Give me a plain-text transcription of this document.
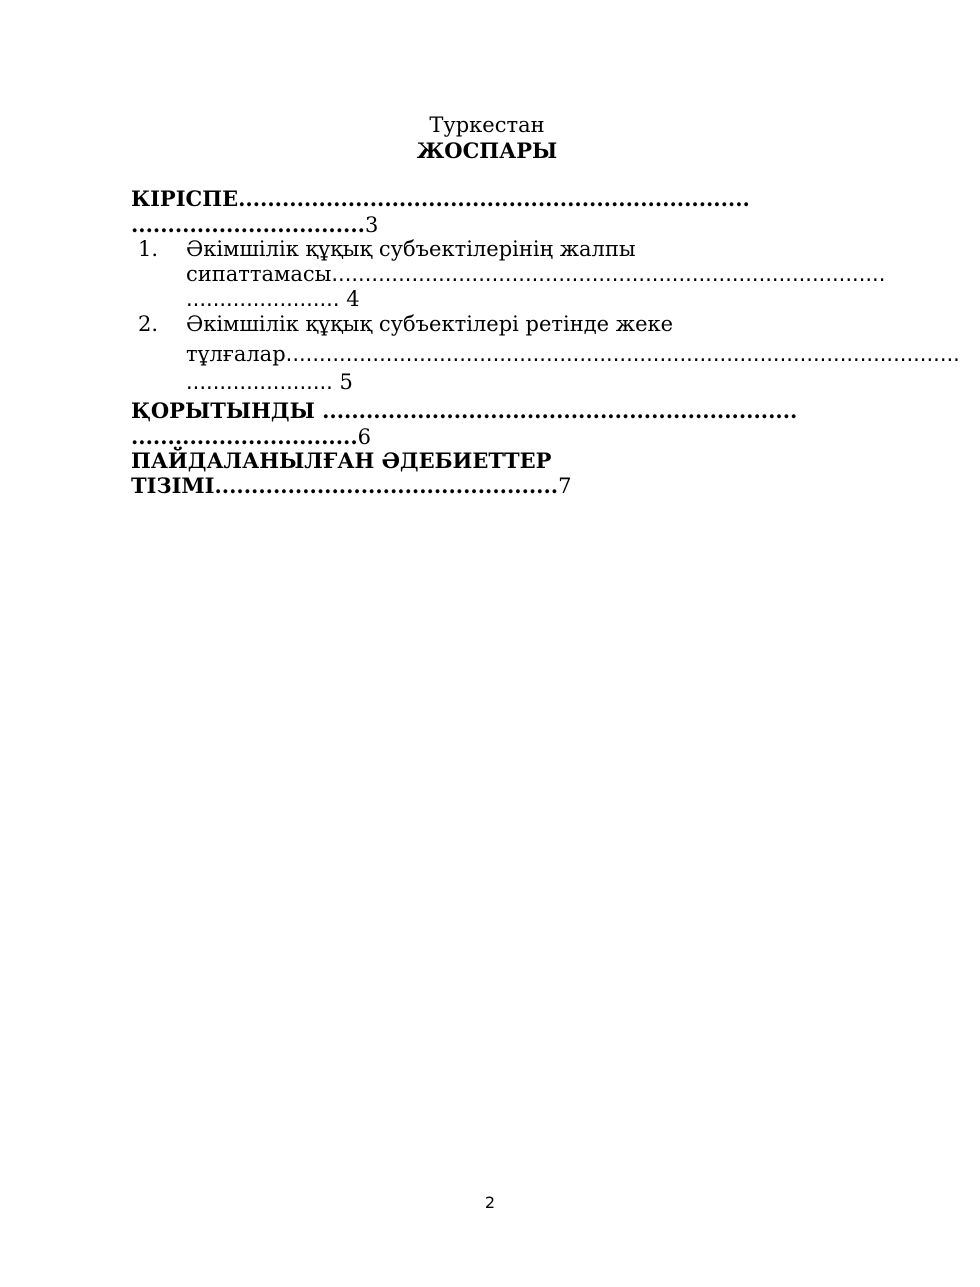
Туркестан
ЖОСПАРЫ
КІРІСПЕ......................................................................
................................3
1. Әкімшілік құқық субъектілерінің жалпы
сипаттамасы...................................................................................
....................... 4
2. Әкімшілік құқық субъектілері ретінде жеке
тұлғалар.....................................................................................................
...................... 5
ҚОРЫТЫНДЫ .................................................................
...............................6
ПАЙДАЛАНЫЛҒАН ӘДЕБИЕТТЕР
ТІЗІМІ...............................................7
2
